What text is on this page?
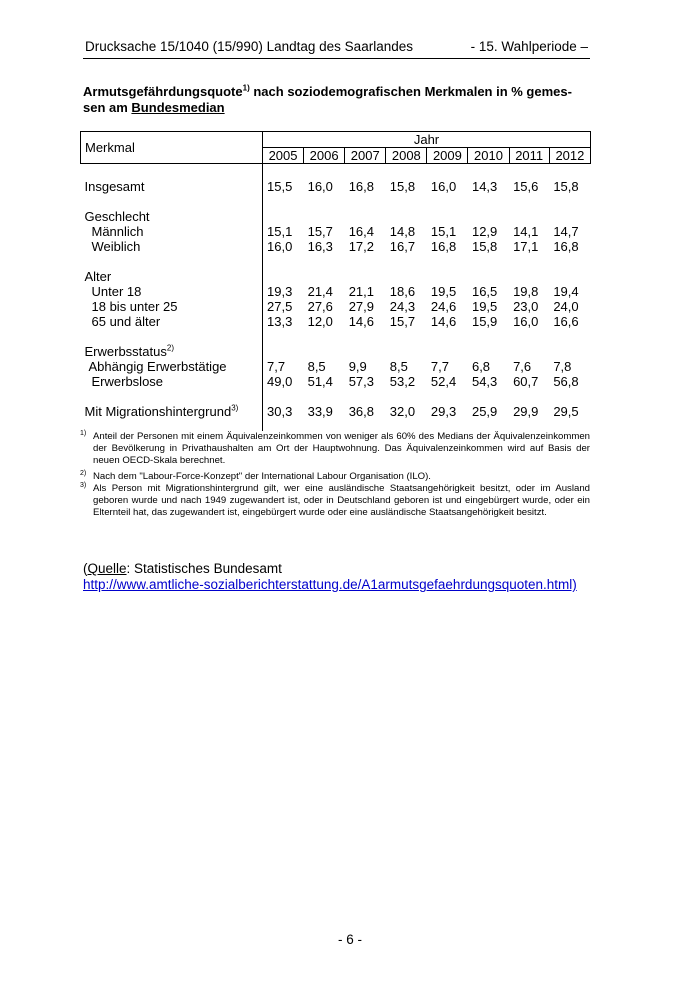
Drucksache 15/1040 (15/990) Landtag des Saarlandes	- 15. Wahlperiode –
Armutsgefährdungsquote$^{1)}$ nach soziodemografischen Merkmalen in % gemes-
sen am Bundesmedian
Merkmal	Jahr							
	2005	2006	2007	2008	2009	2010	2011	2012

Insgesamt	15,5	16,0	16,8	15,8	16,0	14,3	15,6	15,8

Geschlecht								
Männlich	15,1	15,7	16,4	14,8	15,1	12,9	14,1	14,7
Weiblich	16,0	16,3	17,2	16,7	16,8	15,8	17,1	16,8

Alter								
Unter 18	19,3	21,4	21,1	18,6	19,5	16,5	19,8	19,4
18 bis unter 25	27,5	27,6	27,9	24,3	24,6	19,5	23,0	24,0
65 und älter	13,3	12,0	14,6	15,7	14,6	15,9	16,0	16,6

Erwerbsstatus$^{2)}$	
Abhängig Erwerbstätige	7,7	8,5	9,9	8,5	7,7	6,8	7,6	7,8
Erwerbslose	49,0	51,4	57,3	53,2	52,4	54,3	60,7	56,8

Mit Migrationshintergrund$^{3)}$	30,3	33,9	36,8	32,0	29,3	25,9	29,9	29,5

1) Anteil der Personen mit einem Äquivalenzeinkommen von weniger als 60% des Medians der Äquivalenzeinkommen der Bevölkerung in Privathaushalten am Ort der Hauptwohnung. Das Äquivalenzeinkommen wird auf Basis der neuen OECD-Skala berechnet.
2) Nach dem "Labour-Force-Konzept" der International Labour Organisation (ILO).
3) Als Person mit Migrationshintergrund gilt, wer eine ausländische Staatsangehörigkeit besitzt, oder im Ausland geboren wurde und nach 1949 zugewandert ist, oder in Deutschland geboren ist und eingebürgert wurde, oder ein Elternteil hat, das zugewandert ist, eingebürgert wurde oder eine ausländische Staatsangehörigkeit besitzt.
(Quelle: Statistisches Bundesamt
http://www.amtliche-sozialberichterstattung.de/A1armutsgefaehrdungsquoten.html)
- 6 -
